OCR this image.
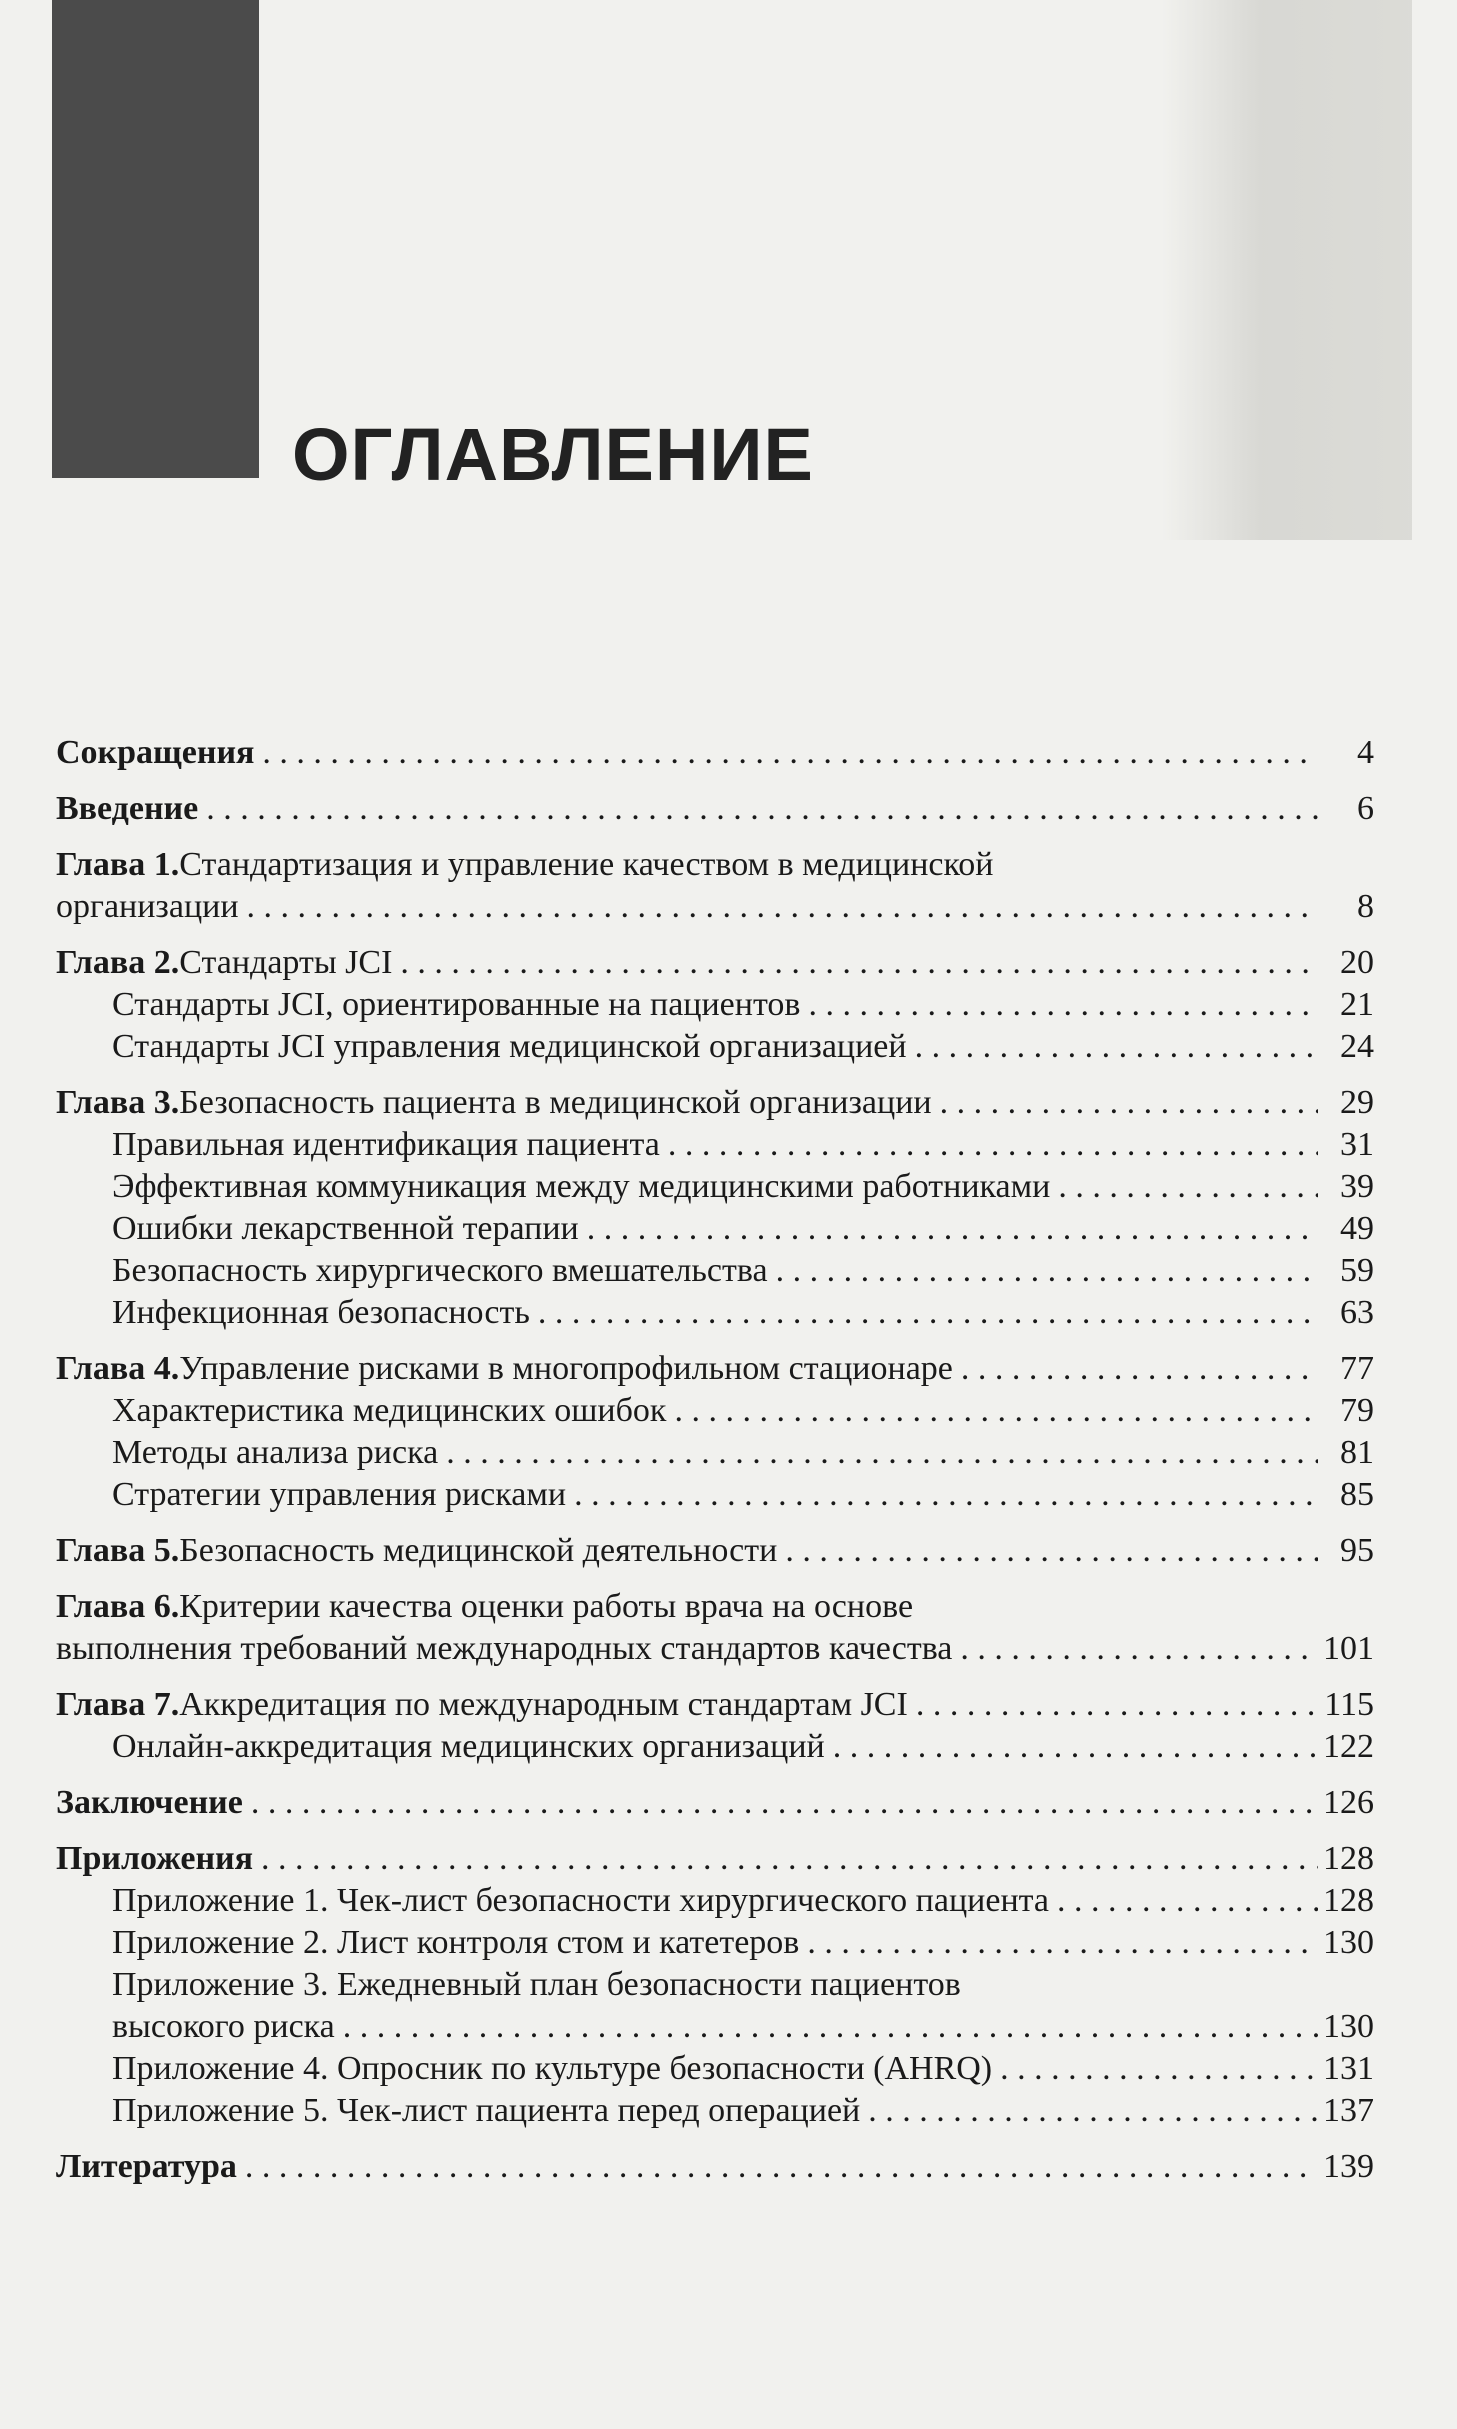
ОГЛАВЛЕНИЕ
Сокращения . . .	4
Введение . . .	6
Глава 1. Стандартизация и управление качеством в медицинской
организации . . .	8
Глава 2. Стандарты JCI . . .	20
Стандарты JCI, ориентированные на пациентов . . .	21
Стандарты JCI управления медицинской организацией . . .	24
Глава 3. Безопасность пациента в медицинской организации . . .	29
Правильная идентификация пациента . . .	31
Эффективная коммуникация между медицинскими работниками . . .	39
Ошибки лекарственной терапии . . .	49
Безопасность хирургического вмешательства . . .	59
Инфекционная безопасность . . .	63
Глава 4. Управление рисками в многопрофильном стационаре . . .	77
Характеристика медицинских ошибок . . .	79
Методы анализа риска . . .	81
Стратегии управления рисками . . .	85
Глава 5. Безопасность медицинской деятельности . . .	95
Глава 6. Критерии качества оценки работы врача на основе
выполнения требований международных стандартов качества . . .	101
Глава 7. Аккредитация по международным стандартам JCI . . .	115
Онлайн-аккредитация медицинских организаций . . .	122
Заключение . . .	126
Приложения . . .	128
Приложение 1. Чек-лист безопасности хирургического пациента . . .	128
Приложение 2. Лист контроля стом и катетеров . . .	130
Приложение 3. Ежедневный план безопасности пациентов
высокого риска . . .	130
Приложение 4. Опросник по культуре безопасности (AHRQ) . . .	131
Приложение 5. Чек-лист пациента перед операцией . . .	137
Литература . . .	139
